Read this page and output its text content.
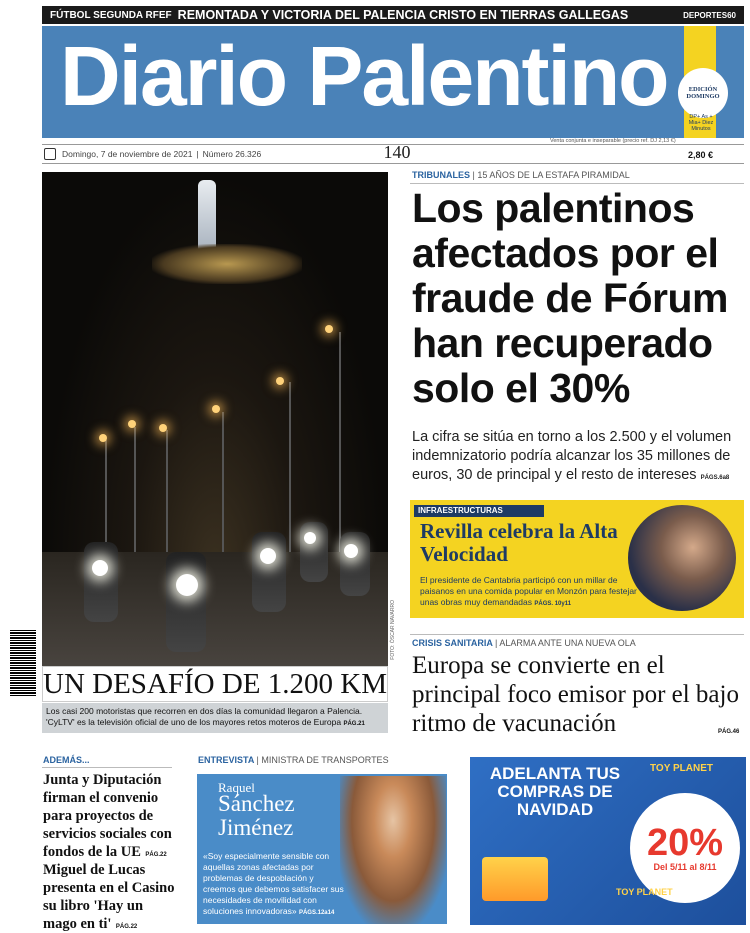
FÚTBOL SEGUNDA RFEF REMONTADA Y VICTORIA DEL PALENCIA CRISTO EN TIERRAS GALLEGAS	DEPORTES60
Diario Palentino	EDICIÓN DOMINGO
DP+ As + Mia+ Diez Minutos
Domingo, 7 de noviembre de 2021 | Número 26.326	140
Venta conjunta e inseparable (precio ref. DJ 2,13 €)
2,80 €
FOTO: ÓSCAR NAVARRO
UN DESAFÍO DE 1.200 KM
Los casi 200 motoristas que recorren en dos días la comunidad llegaron a Palencia. 'CyLTV' es la televisión oficial de uno de los mayores retos moteros de Europa PÁG.21
TRIBUNALES | 15 AÑOS DE LA ESTAFA PIRAMIDAL
Los palentinos afectados por el fraude de Fórum han recuperado solo el 30%
La cifra se sitúa en torno a los 2.500 y el volumen indemnizatorio podría alcanzar los 35 millones de euros, 30 de principal y el resto de intereses PÁGS.6a8
INFRAESTRUCTURAS
Revilla celebra la Alta Velocidad
El presidente de Cantabria participó con un millar de paisanos en una comida popular en Monzón para festejar unas obras muy demandadas PÁGS. 10y11
CRISIS SANITARIA | ALARMA ANTE UNA NUEVA OLA
Europa se convierte en el principal foco emisor por el bajo ritmo de vacunación	PÁG.46
ADEMÁS...
Junta y Diputación firman el convenio para proyectos de servicios sociales con fondos de la UE PÁG.22
Miguel de Lucas presenta en el Casino su libro 'Hay un mago en ti' PÁG.22
ENTREVISTA | MINISTRA DE TRANSPORTES
Raquel
Sánchez Jiménez
«Soy especialmente sensible con aquellas zonas afectadas por problemas de despoblación y creemos que debemos satisfacer sus necesidades de movilidad con soluciones innovadoras» PÁGS.12a14
ADELANTA TUS COMPRAS DE NAVIDAD
TOY PLANET
20%
Del 5/11 al 8/11
TOY PLANET
